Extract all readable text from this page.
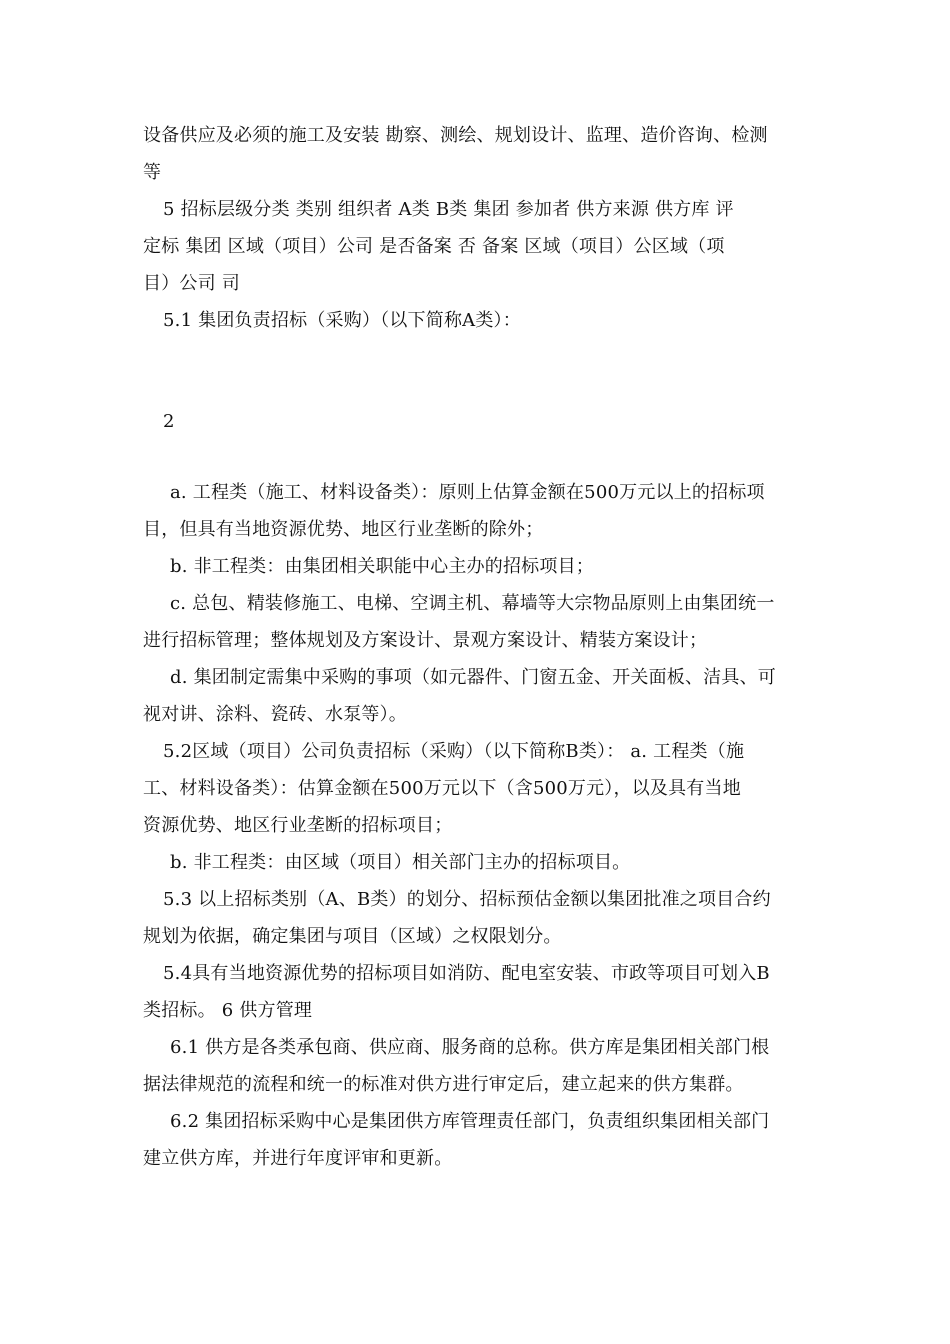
设备供应及必须的施工及安装 勘察、测绘、规划设计、监理、造价咨询、检测
等
5 招标层级分类 类别 组织者 A类 B类 集团 参加者 供方来源 供方库 评
定标 集团 区域（项目）公司 是否备案 否 备案 区域（项目）公区域（项
目）公司 司
5.1 集团负责招标（采购）（以下简称A类）：
2
a. 工程类（施工、材料设备类）：原则上估算金额在500万元以上的招标项
目，但具有当地资源优势、地区行业垄断的除外；
b. 非工程类：由集团相关职能中心主办的招标项目；
c. 总包、精装修施工、电梯、空调主机、幕墙等大宗物品原则上由集团统一
进行招标管理；整体规划及方案设计、景观方案设计、精装方案设计；
d. 集团制定需集中采购的事项（如元器件、门窗五金、开关面板、洁具、可
视对讲、涂料、瓷砖、水泵等）。
5.2区域（项目）公司负责招标（采购）（以下简称B类）： a. 工程类（施
工、材料设备类）：估算金额在500万元以下（含500万元），以及具有当地
资源优势、地区行业垄断的招标项目；
b. 非工程类：由区域（项目）相关部门主办的招标项目。
5.3 以上招标类别（A、B类）的划分、招标预估金额以集团批准之项目合约
规划为依据，确定集团与项目（区域）之权限划分。
5.4具有当地资源优势的招标项目如消防、配电室安装、市政等项目可划入B
类招标。 6 供方管理
6.1 供方是各类承包商、供应商、服务商的总称。供方库是集团相关部门根
据法律规范的流程和统一的标准对供方进行审定后，建立起来的供方集群。
6.2 集团招标采购中心是集团供方库管理责任部门，负责组织集团相关部门
建立供方库，并进行年度评审和更新。
